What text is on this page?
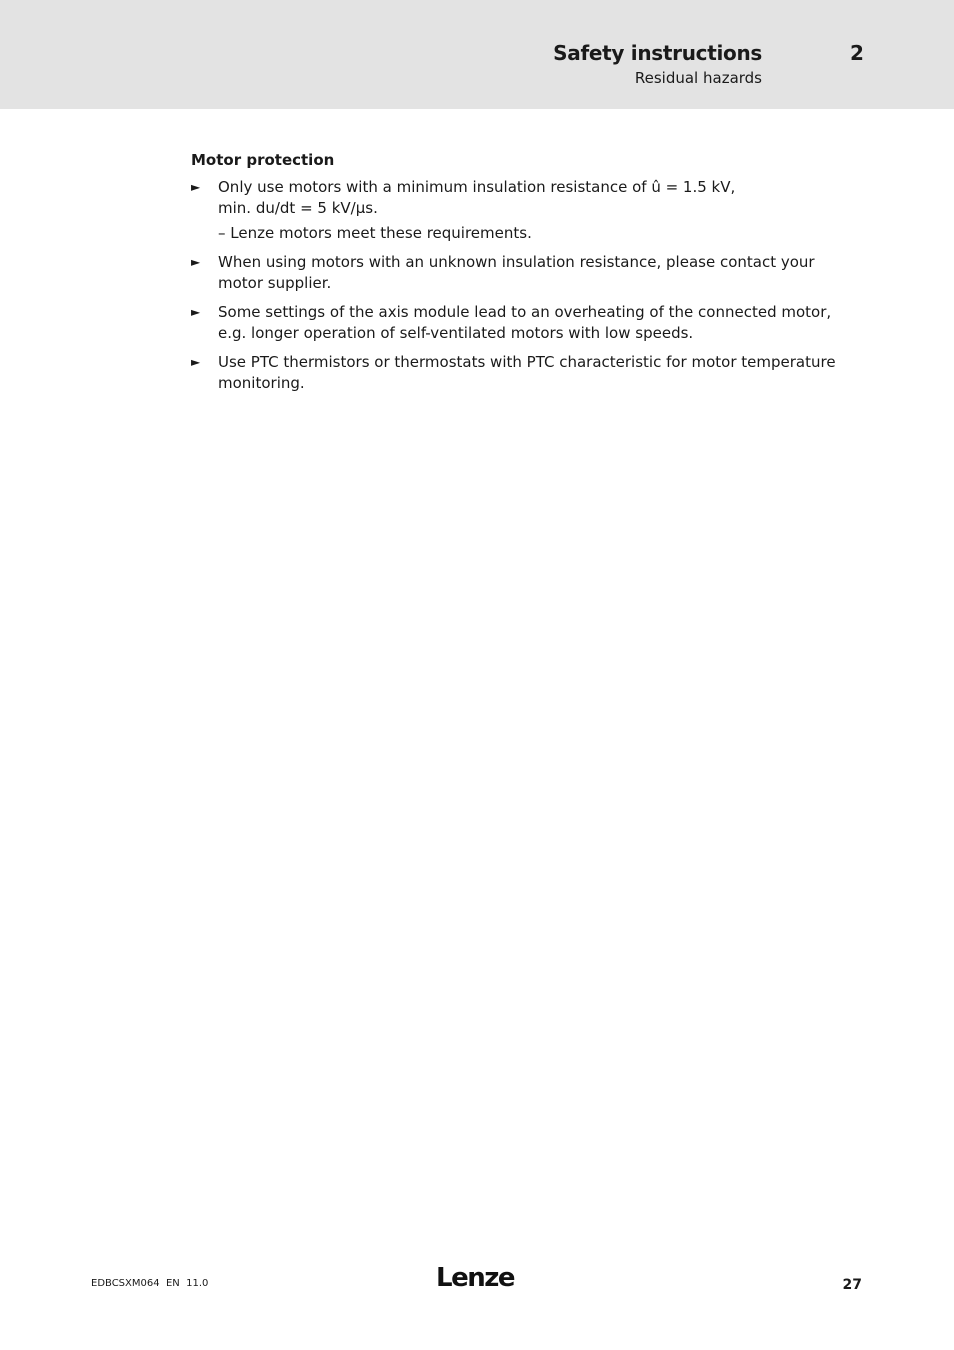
Safety instructions	2
Residual hazards
Motor protection
► Only use motors with a minimum insulation resistance of û = 1.5 kV,
min. du/dt = 5 kV/μs.
– Lenze motors meet these requirements.
► When using motors with an unknown insulation resistance, please contact your
motor supplier.
► Some settings of the axis module lead to an overheating of the connected motor,
e.g. longer operation of self-ventilated motors with low speeds.
► Use PTC thermistors or thermostats with PTC characteristic for motor temperature
monitoring.
EDBCSXM064  EN  11.0	Lenze	27
